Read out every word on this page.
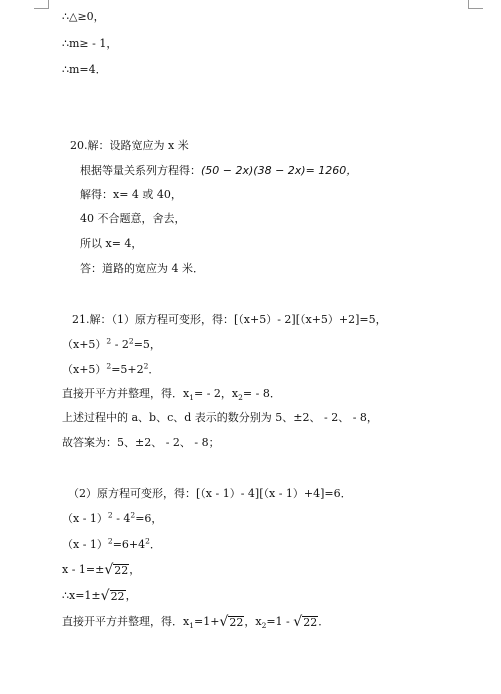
∴△≥0，
∴m≥ - 1，
∴m=4．
20.解：设路宽应为 x 米
根据等量关系列方程得：(50 − 2x)(38 − 2x)= 1260，
解得：x= 4 或 40，
40 不合题意，舍去，
所以 x= 4，
答：道路的宽应为 4 米．
21.解：（1）原方程可变形，得：[（x+5）- 2][（x+5）+2]=5，
$(x+5)^2 - 2^2=5$，
$(x+5)^2=5+2^2$．
直接开平方并整理，得．$x_1= - 2$，$x_2= - 8$．
上述过程中的 a、b、c、d 表示的数分别为 5、±2、 - 2、 - 8，
故答案为：5、±2、 - 2、 - 8；
（2）原方程可变形，得：[（x - 1）- 4][（x - 1）+4]=6．
$(x - 1)^2 - 4^2=6$，
$(x - 1)^2=6+4^2$．
x - 1=± √ 22 ，
∴x=1± √ 22 ，
直接开平方并整理，得．$x_1=1+$ √ 22 ，$x_2=1$ - √ 22 ．
